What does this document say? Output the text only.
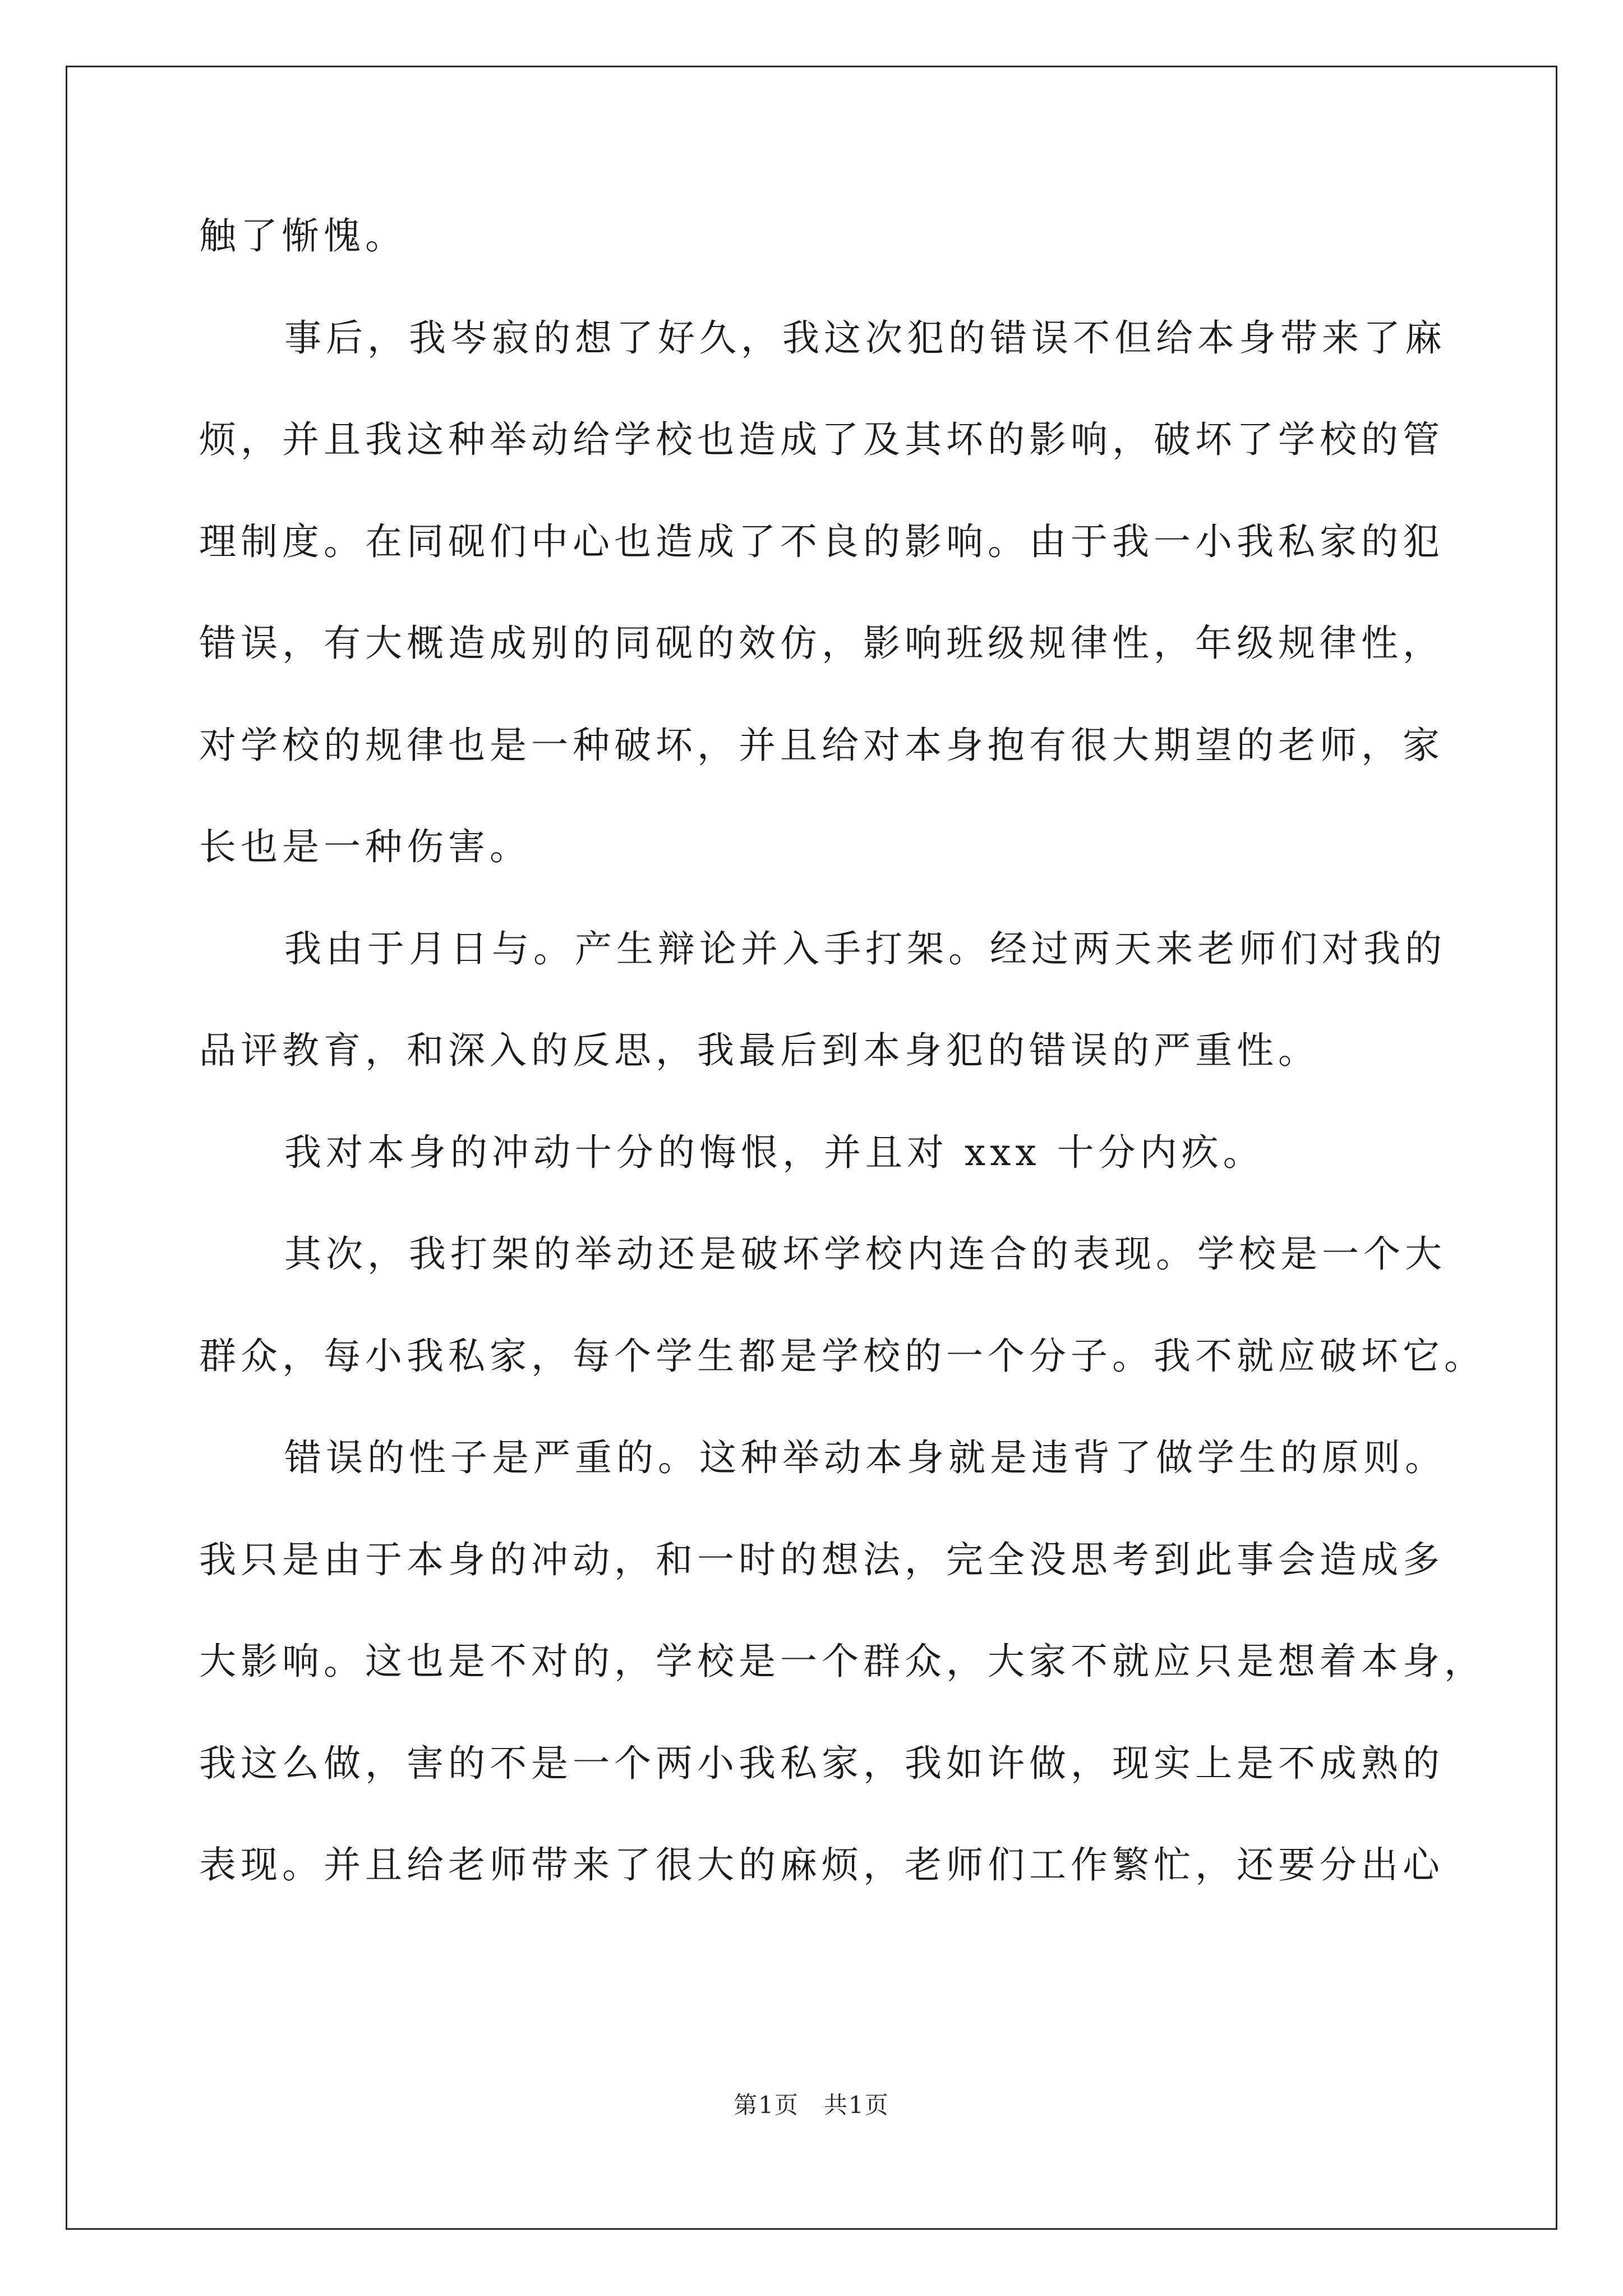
触了惭愧。
事后，我岑寂的想了好久，我这次犯的错误不但给本身带来了麻
烦，并且我这种举动给学校也造成了及其坏的影响，破坏了学校的管
理制度。在同砚们中心也造成了不良的影响。由于我一小我私家的犯
错误，有大概造成别的同砚的效仿，影响班级规律性，年级规律性，
对学校的规律也是一种破坏，并且给对本身抱有很大期望的老师，家
长也是一种伤害。
我由于月日与。产生辩论并入手打架。经过两天来老师们对我的
品评教育，和深入的反思，我最后到本身犯的错误的严重性。
我对本身的冲动十分的悔恨，并且对 xxx 十分内疚。
其次，我打架的举动还是破坏学校内连合的表现。学校是一个大
群众，每小我私家，每个学生都是学校的一个分子。我不就应破坏它。
错误的性子是严重的。这种举动本身就是违背了做学生的原则。
我只是由于本身的冲动，和一时的想法，完全没思考到此事会造成多
大影响。这也是不对的，学校是一个群众，大家不就应只是想着本身，
我这么做，害的不是一个两小我私家，我如许做，现实上是不成熟的
表现。并且给老师带来了很大的麻烦，老师们工作繁忙，还要分出心
第1页　共1页
